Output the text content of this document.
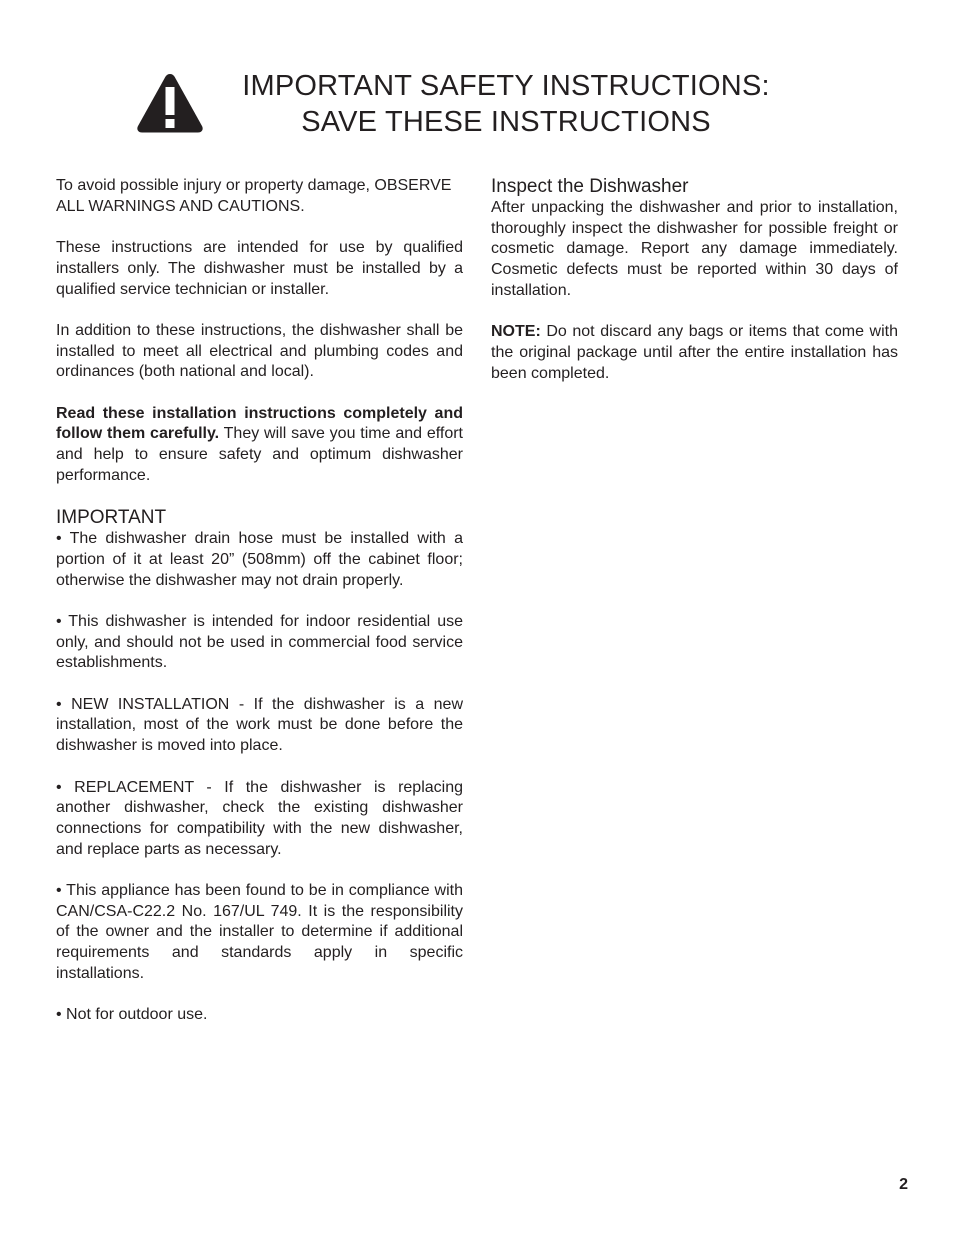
IMPORTANT SAFETY INSTRUCTIONS:
SAVE THESE INSTRUCTIONS

To avoid possible injury or property damage, OBSERVE ALL WARNINGS AND CAUTIONS.

These instructions are intended for use by qualified installers only. The dishwasher must be installed by a qualified service technician or installer.

In addition to these instructions, the dishwasher shall be installed to meet all electrical and plumbing codes and ordinances (both national and local).

Read these installation instructions completely and follow them carefully. They will save you time and effort and help to ensure safety and optimum dishwasher performance.

IMPORTANT

• The dishwasher drain hose must be installed with a portion of it at least 20” (508mm) off the cabinet floor; otherwise the dishwasher may not drain properly.

• This dishwasher is intended for indoor residential use only, and should not be used in commercial food service establishments.

• NEW INSTALLATION - If the dishwasher is a new installation, most of the work must be done before the dishwasher is moved into place.

• REPLACEMENT - If the dishwasher is replacing another dishwasher, check the existing dishwasher connections for compatibility with the new dishwasher, and replace parts as necessary.

• This appliance has been found to be in compliance with CAN/CSA-C22.2 No. 167/UL 749. It is the responsibility of the owner and the installer to determine if additional requirements and standards apply in specific installations.

• Not for outdoor use.

Inspect the Dishwasher

After unpacking the dishwasher and prior to installation, thoroughly inspect the dishwasher for possible freight or cosmetic damage. Report any damage immediately. Cosmetic defects must be reported within 30 days of installation.

NOTE: Do not discard any bags or items that come with the original package until after the entire installation has been completed.

2
